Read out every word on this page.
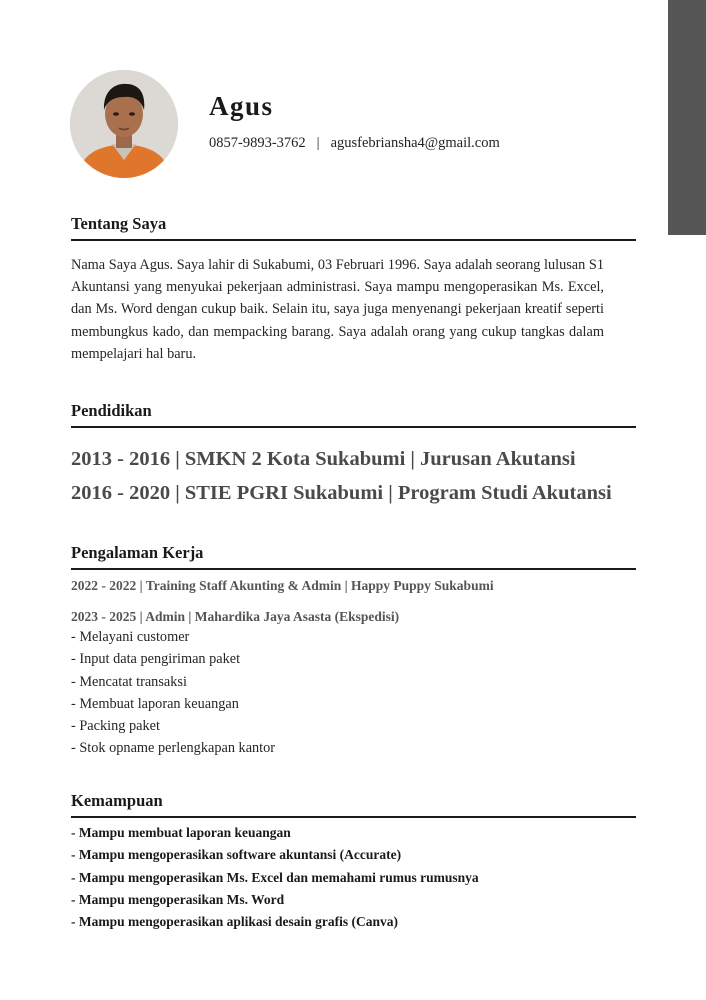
Agus
0857-9893-3762 | agusfebriansha4@gmail.com
Tentang Saya

Nama Saya Agus. Saya lahir di Sukabumi, 03 Februari 1996. Saya adalah seorang lulusan S1 Akuntansi yang menyukai pekerjaan administrasi. Saya mampu mengoperasikan Ms. Excel, dan Ms. Word dengan cukup baik. Selain itu, saya juga menyenangi pekerjaan kreatif seperti membungkus kado, dan mempacking barang. Saya adalah orang yang cukup tangkas dalam mempelajari hal baru.

Pendidikan
2013 - 2016 | SMKN 2 Kota Sukabumi | Jurusan Akutansi
2016 - 2020 | STIE PGRI Sukabumi | Program Studi Akutansi
Pengalaman Kerja
2022 - 2022 | Training Staff Akunting & Admin | Happy Puppy Sukabumi
2023 - 2025 | Admin | Mahardika Jaya Asasta (Ekspedisi)
- Melayani customer
- Input data pengiriman paket
- Mencatat transaksi
- Membuat laporan keuangan
- Packing paket
- Stok opname perlengkapan kantor
Kemampuan
- Mampu membuat laporan keuangan
- Mampu mengoperasikan software akuntansi (Accurate)
- Mampu mengoperasikan Ms. Excel dan memahami rumus rumusnya
- Mampu mengoperasikan Ms. Word
- Mampu mengoperasikan aplikasi desain grafis (Canva)
